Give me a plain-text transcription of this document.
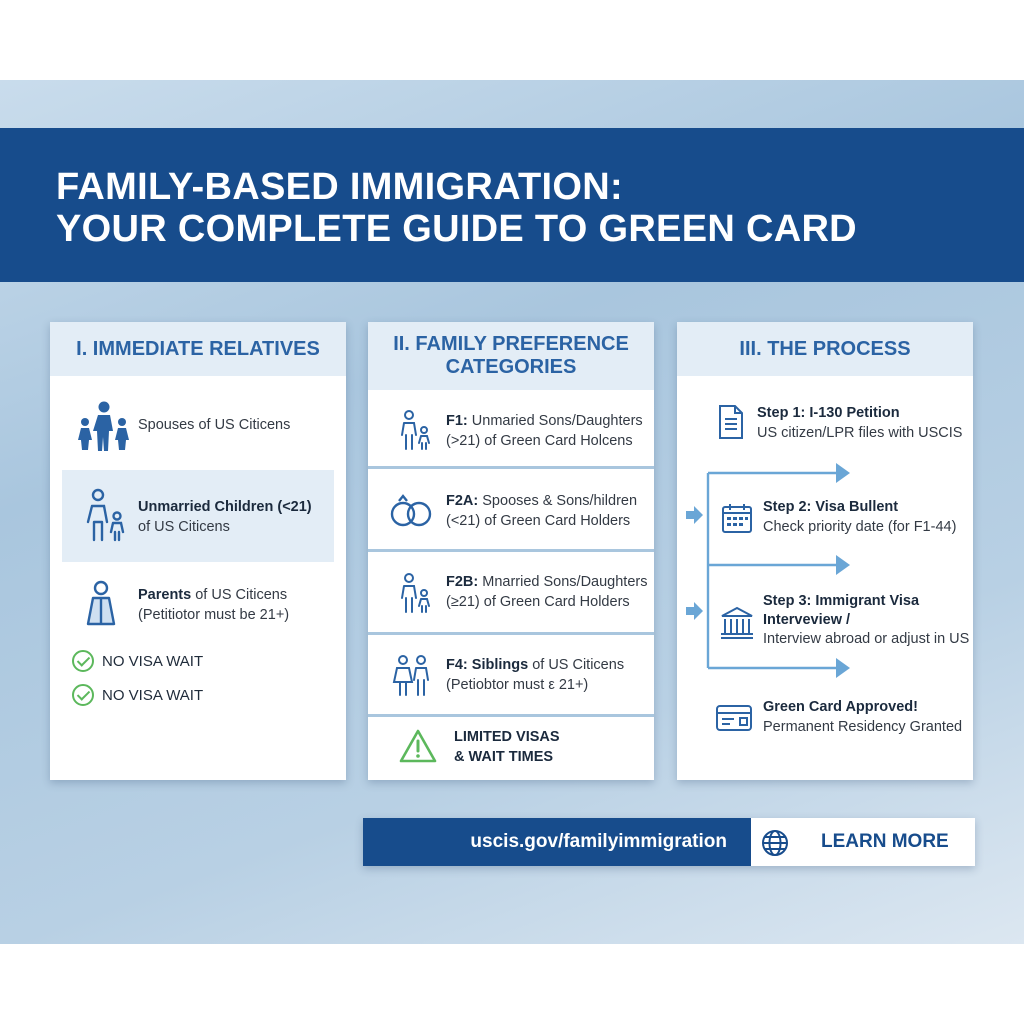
FAMILY-BASED IMMIGRATION:
YOUR COMPLETE GUIDE TO GREEN CARD
I. IMMEDIATE RELATIVES
Spouses of US Citicens
Unmarried Children (<21)
of US Citicens
Parents of US Citicens
(Petitiotor must be 21+)
NO VISA WAIT
NO VISA WAIT
II. FAMILY PREFERENCE
CATEGORIES
F1: Unmaried Sons/Daughters
(>21) of Green Card Holcens
F2A: Spooses & Sons/hildren
(<21) of Green Card Holders
F2B: Mnarried Sons/Daughters
(≥21) of Green Card Holders
F4: Siblings of US Citicens
(Petiobtor must ε 21+)
LIMITED VISAS
& WAIT TIMES
III. THE PROCESS
Step 1: I-130 Petition
US citizen/LPR files with USCIS
Step 2: Visa Bullent
Check priority date (for F1-44)
Step 3: Immigrant Visa
Intervеview /
Interview abroad or adjust in US
Green Card Approved!
Permanent Residency Granted
uscis.gov/familyimmigration	LEARN MORE
